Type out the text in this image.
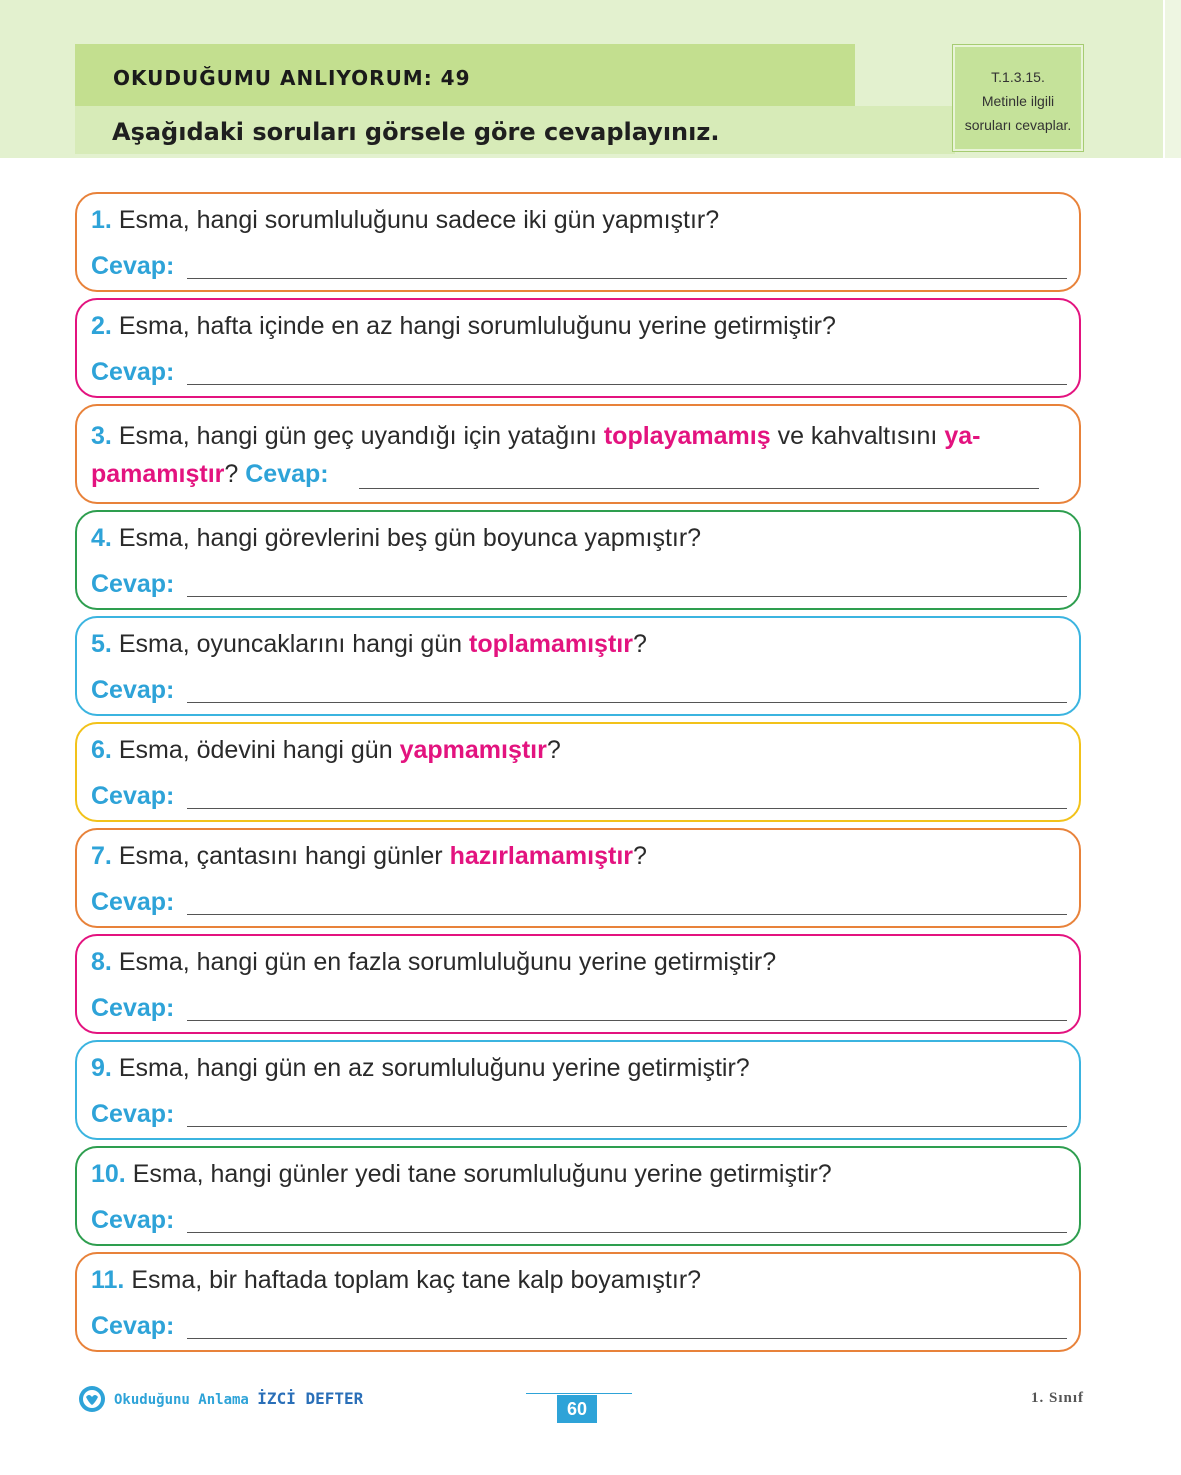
OKUDUĞUMU ANLIYORUM: 49
Aşağıdaki soruları görsele göre cevaplayınız.
T.1.3.15.
Metinle ilgili
soruları cevaplar.
1. Esma, hangi sorumluluğunu sadece iki gün yapmıştır?
Cevap:
2. Esma, hafta içinde en az hangi sorumluluğunu yerine getirmiştir?
Cevap:
3. Esma, hangi gün geç uyandığı için yatağını toplayamamış ve kahvaltısını ya-
pamamıştır? Cevap:
4. Esma, hangi görevlerini beş gün boyunca yapmıştır?
Cevap:
5. Esma, oyuncaklarını hangi gün toplamamıştır?
Cevap:
6. Esma, ödevini hangi gün yapmamıştır?
Cevap:
7. Esma, çantasını hangi günler hazırlamamıştır?
Cevap:
8. Esma, hangi gün en fazla sorumluluğunu yerine getirmiştir?
Cevap:
9. Esma, hangi gün en az sorumluluğunu yerine getirmiştir?
Cevap:
10. Esma, hangi günler yedi tane sorumluluğunu yerine getirmiştir?
Cevap:
11. Esma, bir haftada toplam kaç tane kalp boyamıştır?
Cevap:
Okuduğunu Anlama İZCİ DEFTER
60
1. Sınıf
